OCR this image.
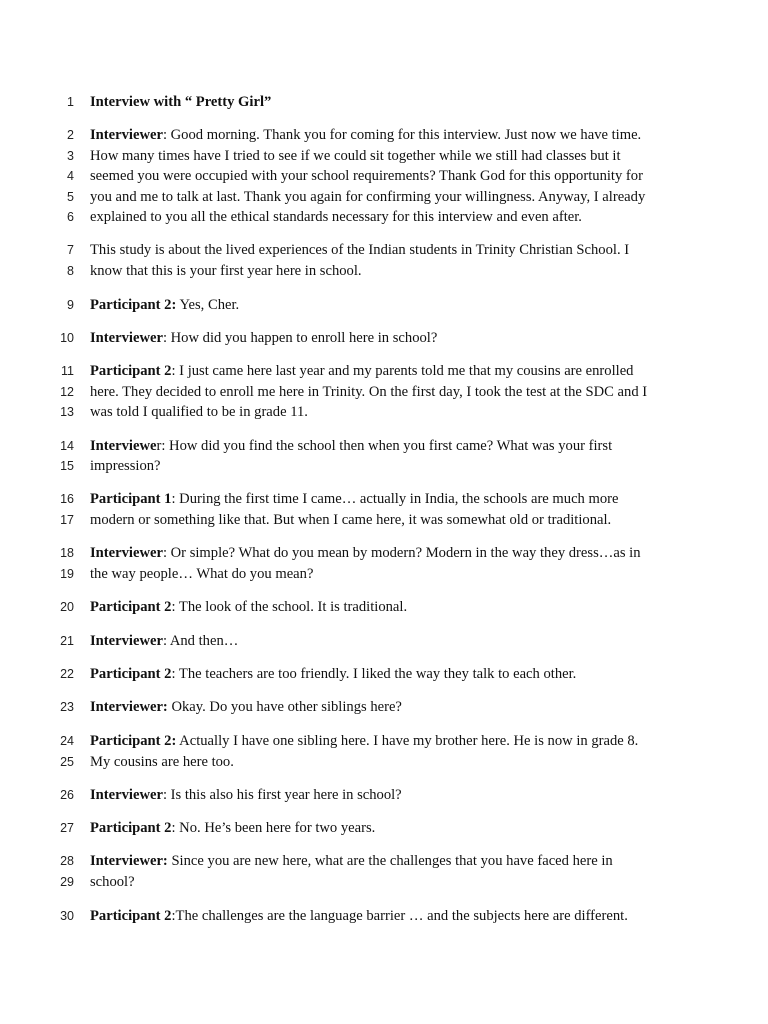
1 Interview with “ Pretty Girl”
2 Interviewer: Good morning. Thank you for coming for this interview. Just now we have time.
3 How many times have I tried to see if we could sit together while we still had classes but it
4 seemed you were occupied with your school requirements? Thank God for this opportunity for
5 you and me to talk at last. Thank you again for confirming your willingness. Anyway, I already
6 explained to you all the ethical standards necessary for this interview and even after.
7 This study is about the lived experiences of the Indian students in Trinity Christian School. I
8 know that this is your first year here in school.
9 Participant 2: Yes, Cher.
10 Interviewer: How did you happen to enroll here in school?
11 Participant 2: I just came here last year and my parents told me that my cousins are enrolled
12 here. They decided to enroll me here in Trinity. On the first day, I took the test at the SDC and I
13 was told I qualified to be in grade 11.
14 Interviewer: How did you find the school then when you first came? What was your first
15 impression?
16 Participant 1: During the first time I came… actually in India, the schools are much more
17 modern or something like that. But when I came here, it was somewhat old or traditional.
18 Interviewer: Or simple? What do you mean by modern? Modern in the way they dress…as in
19 the way people… What do you mean?
20 Participant 2: The look of the school. It is traditional.
21 Interviewer: And then…
22 Participant 2: The teachers are too friendly. I liked the way they talk to each other.
23 Interviewer: Okay. Do you have other siblings here?
24 Participant 2: Actually I have one sibling here. I have my brother here. He is now in grade 8.
25 My cousins are here too.
26 Interviewer: Is this also his first year here in school?
27 Participant 2: No. He’s been here for two years.
28 Interviewer: Since you are new here, what are the challenges that you have faced here in
29 school?
30 Participant 2:The challenges are the language barrier … and the subjects here are different.
